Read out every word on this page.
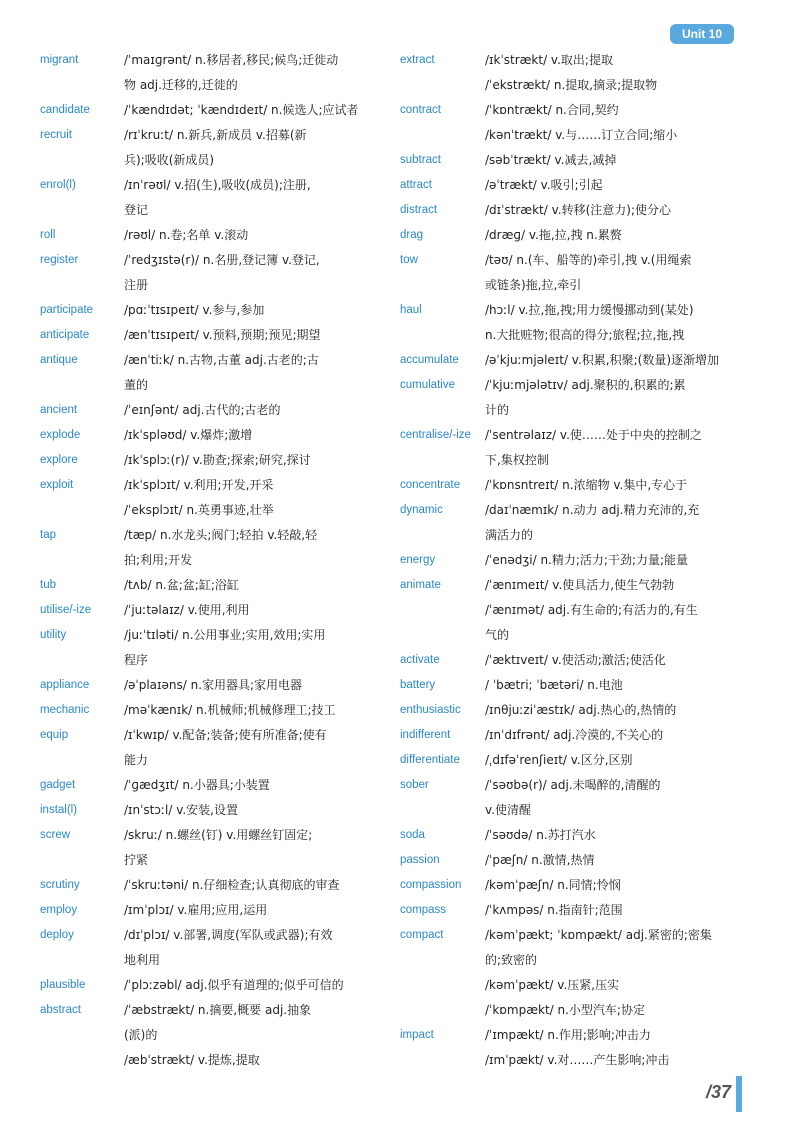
Unit 10
migrant	/ˈmaɪɡrənt/ n.移居者,移民;候鸟;迁徙动
物 adj.迁移的,迁徙的
candidate	/ˈkændɪdət; ˈkændɪdeɪt/ n.候选人;应试者
recruit	/rɪˈkruːt/ n.新兵,新成员 v.招募(新
兵);吸收(新成员)
enrol(l)	/ɪnˈrəʊl/ v.招(生),吸收(成员);注册,
登记
roll	/rəʊl/ n.卷;名单 v.滚动
register	/ˈredʒɪstə(r)/ n.名册,登记簿 v.登记,
注册
participate	/pɑːˈtɪsɪpeɪt/ v.参与,参加
anticipate	/ænˈtɪsɪpeɪt/ v.预料,预期;预见;期望
antique	/ænˈtiːk/ n.古物,古董 adj.古老的;古
董的
ancient	/ˈeɪnʃənt/ adj.古代的;古老的
explode	/ɪkˈspləʊd/ v.爆炸;激增
explore	/ɪkˈsplɔː(r)/ v.勘查;探索;研究,探讨
exploit	/ɪkˈsplɔɪt/ v.利用;开发,开采
/ˈeksplɔɪt/ n.英勇事迹,壮举
tap	/tæp/ n.水龙头;阀门;轻拍 v.轻敲,轻
拍;利用;开发
tub	/tʌb/ n.盆;盆;缸;浴缸
utilise/-ize	/ˈjuːtəlaɪz/ v.使用,利用
utility	/juːˈtɪləti/ n.公用事业;实用,效用;实用
程序
appliance	/əˈplaɪəns/ n.家用器具;家用电器
mechanic	/məˈkænɪk/ n.机械师;机械修理工;技工
equip	/ɪˈkwɪp/ v.配备;装备;使有所准备;使有
能力
gadget	/ˈɡædʒɪt/ n.小器具;小装置
instal(l)	/ɪnˈstɔːl/ v.安装,设置
screw	/skruː/ n.螺丝(钉) v.用螺丝钉固定;
拧紧
scrutiny	/ˈskruːtəni/ n.仔细检查;认真彻底的审查
employ	/ɪmˈplɔɪ/ v.雇用;应用,运用
deploy	/dɪˈplɔɪ/ v.部署,调度(军队或武器);有效
地利用
plausible	/ˈplɔːzəbl/ adj.似乎有道理的;似乎可信的
abstract	/ˈæbstrækt/ n.摘要,概要 adj.抽象
(派)的
/æbˈstrækt/ v.提炼,提取
extract	/ɪkˈstrækt/ v.取出;提取
/ˈekstrækt/ n.提取,摘录;提取物
contract	/ˈkɒntrækt/ n.合同,契约
/kənˈtrækt/ v.与……订立合同;缩小
subtract	/səbˈtrækt/ v.减去,减掉
attract	/əˈtrækt/ v.吸引;引起
distract	/dɪˈstrækt/ v.转移(注意力);使分心
drag	/dræɡ/ v.拖,拉,拽 n.累赘
tow	/təʊ/ n.(车、船等的)牵引,拽 v.(用绳索
或链条)拖,拉,牵引
haul	/hɔːl/ v.拉,拖,拽;用力缓慢挪动到(某处)
n.大批赃物;很高的得分;旅程;拉,拖,拽
accumulate	/əˈkjuːmjəleɪt/ v.积累,积聚;(数量)逐渐增加
cumulative	/ˈkjuːmjələtɪv/ adj.聚积的,积累的;累
计的
centralise/-ize	/ˈsentrəlaɪz/ v.使……处于中央的控制之
下,集权控制
concentrate	/ˈkɒnsntreɪt/ n.浓缩物 v.集中,专心于
dynamic	/daɪˈnæmɪk/ n.动力 adj.精力充沛的,充
满活力的
energy	/ˈenədʒi/ n.精力;活力;干劲;力量;能量
animate	/ˈænɪmeɪt/ v.使具活力,使生气勃勃
/ˈænɪmət/ adj.有生命的;有活力的,有生
气的
activate	/ˈæktɪveɪt/ v.使活动;激活;使活化
battery	/ ˈbætri; ˈbætəri/ n.电池
enthusiastic	/ɪnθjuːziˈæstɪk/ adj.热心的,热情的
indifferent	/ɪnˈdɪfrənt/ adj.冷漠的,不关心的
differentiate	/ˌdɪfəˈrenʃieɪt/ v.区分,区别
sober	/ˈsəʊbə(r)/ adj.未喝醉的,清醒的
v.使清醒
soda	/ˈsəʊdə/ n.苏打汽水
passion	/ˈpæʃn/ n.激情,热情
compassion	/kəmˈpæʃn/ n.同情;怜悯
compass	/ˈkʌmpəs/ n.指南针;范围
compact	/kəmˈpækt; ˈkɒmpækt/ adj.紧密的;密集
的;致密的
/kəmˈpækt/ v.压紧,压实
/ˈkɒmpækt/ n.小型汽车;协定
impact	/ˈɪmpækt/ n.作用;影响;冲击力
/ɪmˈpækt/ v.对……产生影响;冲击
/37
